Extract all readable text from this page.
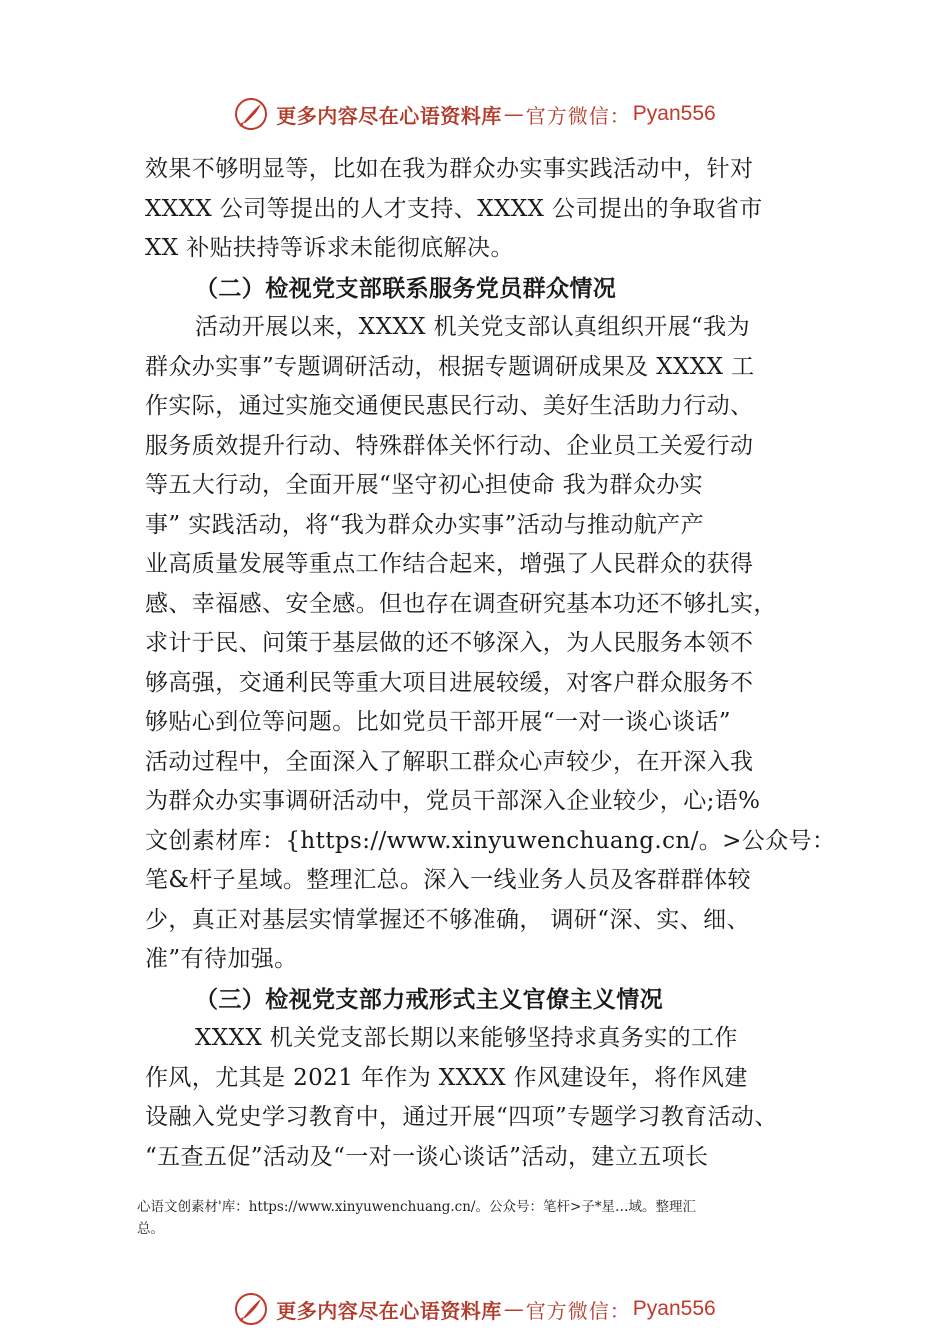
更多内容尽在心语资料库 — 官方微信： Pyan556
效果不够明显等，比如在我为群众办实事实践活动中，针对
XXXX 公司等提出的人才支持、XXXX 公司提出的争取省市
XX 补贴扶持等诉求未能彻底解决。
（二）检视党支部联系服务党员群众情况
活动开展以来，XXXX 机关党支部认真组织开展“我为
群众办实事”专题调研活动，根据专题调研成果及 XXXX 工
作实际，通过实施交通便民惠民行动、美好生活助力行动、
服务质效提升行动、特殊群体关怀行动、企业员工关爱行动
等五大行动，全面开展“坚守初心担使命 我为群众办实
事” 实践活动，将“我为群众办实事”活动与推动航产产
业高质量发展等重点工作结合起来，增强了人民群众的获得
感、幸福感、安全感。但也存在调查研究基本功还不够扎实，
求计于民、问策于基层做的还不够深入，为人民服务本领不
够高强，交通利民等重大项目进展较缓，对客户群众服务不
够贴心到位等问题。比如党员干部开展“一对一谈心谈话”
活动过程中，全面深入了解职工群众心声较少，在开深入我
为群众办实事调研活动中，党员干部深入企业较少，心;语%
文创素材库：{https://www.xinyuwenchuang.cn/。>公众号：
笔&杆子星域。整理汇总。深入一线业务人员及客群群体较
少，真正对基层实情掌握还不够准确， 调研“深、实、细、
准”有待加强。
（三）检视党支部力戒形式主义官僚主义情况
XXXX 机关党支部长期以来能够坚持求真务实的工作
作风，尤其是 2021 年作为 XXXX 作风建设年，将作风建
设融入党史学习教育中，通过开展“四项”专题学习教育活动、
“五查五促”活动及“一对一谈心谈话”活动，建立五项长
心语文创素材'库：https://www.xinyuwenchuang.cn/。公众号：笔杆>子*星…域。整理汇
总。
更多内容尽在心语资料库 — 官方微信： Pyan556
